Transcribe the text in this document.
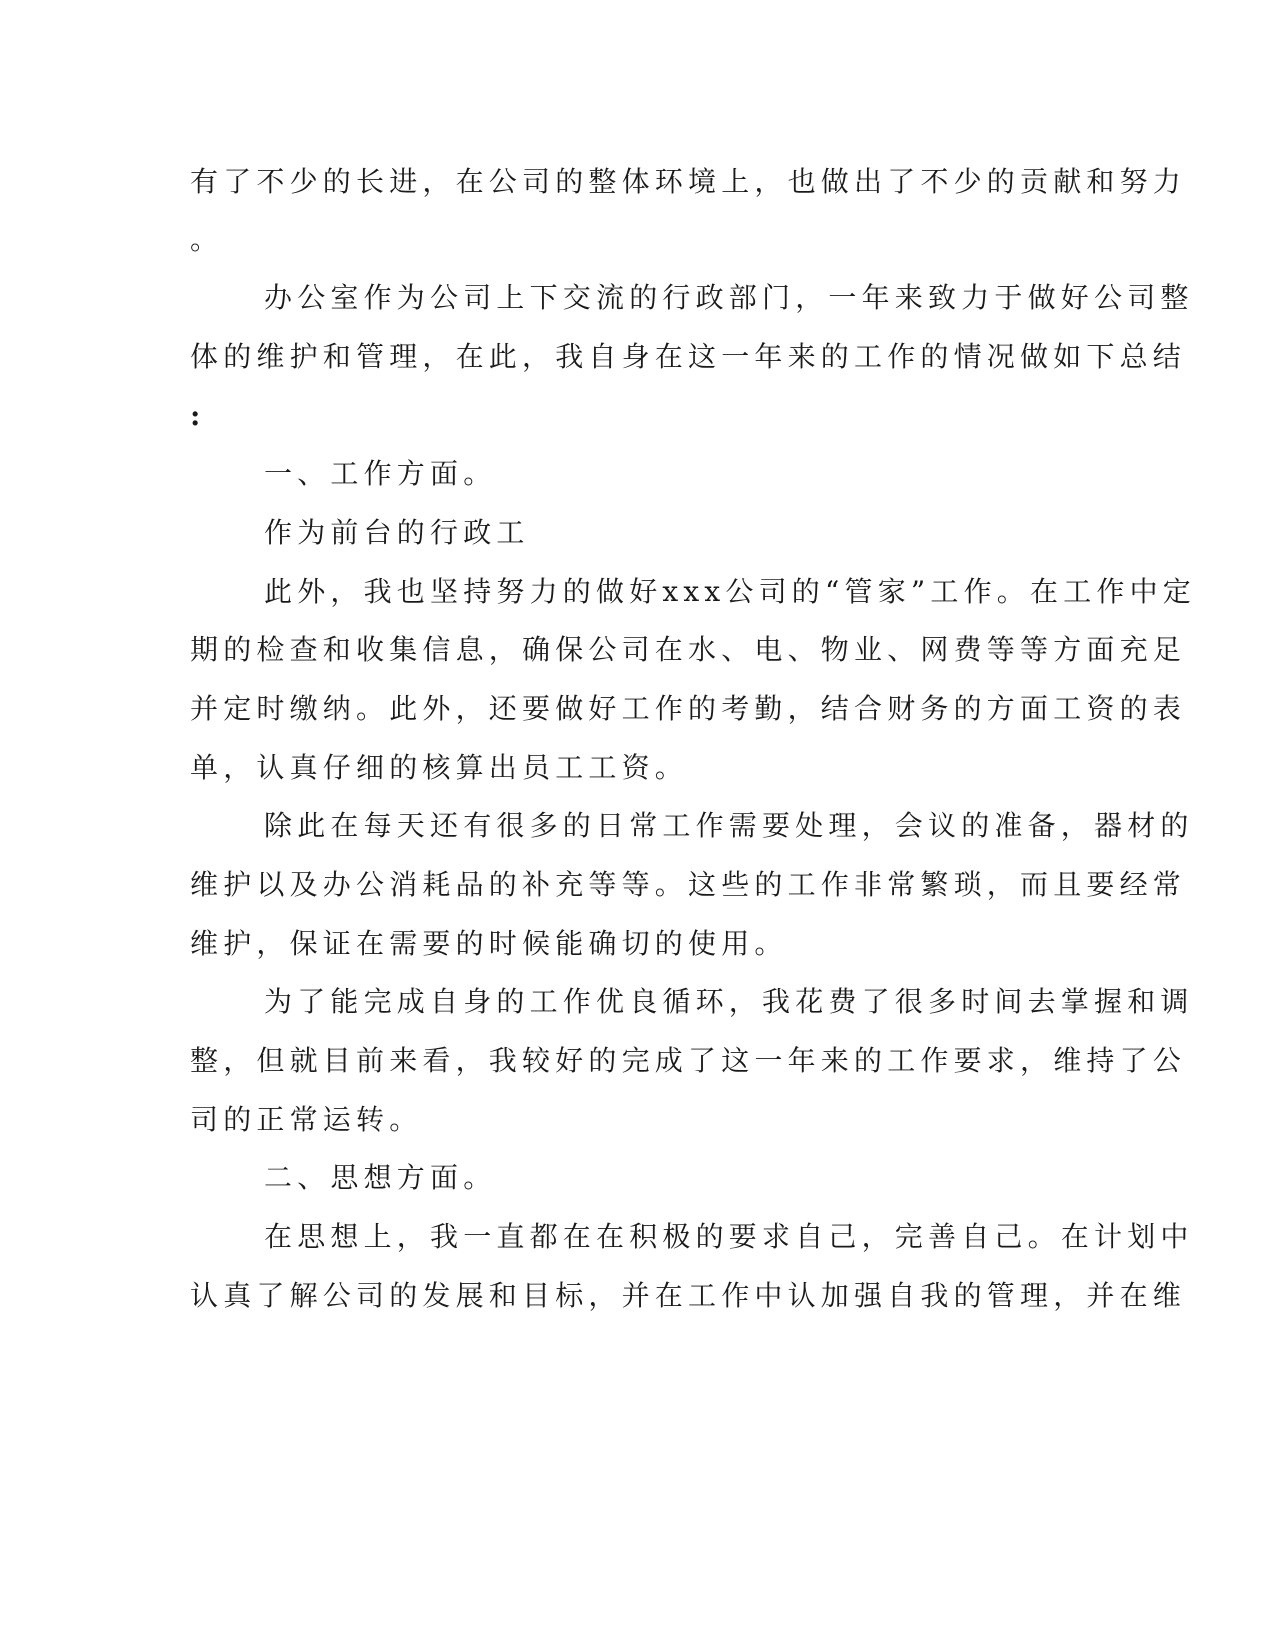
有了不少的长进，在公司的整体环境上，也做出了不少的贡献和努力
。
办公室作为公司上下交流的行政部门，一年来致力于做好公司整
体的维护和管理，在此，我自身在这一年来的工作的情况做如下总结
:
一、工作方面。
作为前台的行政工
此外，我也坚持努力的做好xxx公司的“管家”工作。在工作中定
期的检查和收集信息，确保公司在水、电、物业、网费等等方面充足
并定时缴纳。此外，还要做好工作的考勤，结合财务的方面工资的表
单，认真仔细的核算出员工工资。
除此在每天还有很多的日常工作需要处理，会议的准备，器材的
维护以及办公消耗品的补充等等。这些的工作非常繁琐，而且要经常
维护，保证在需要的时候能确切的使用。
为了能完成自身的工作优良循环，我花费了很多时间去掌握和调
整，但就目前来看，我较好的完成了这一年来的工作要求，维持了公
司的正常运转。
二、思想方面。
在思想上，我一直都在在积极的要求自己，完善自己。在计划中
认真了解公司的发展和目标，并在工作中认加强自我的管理，并在维
